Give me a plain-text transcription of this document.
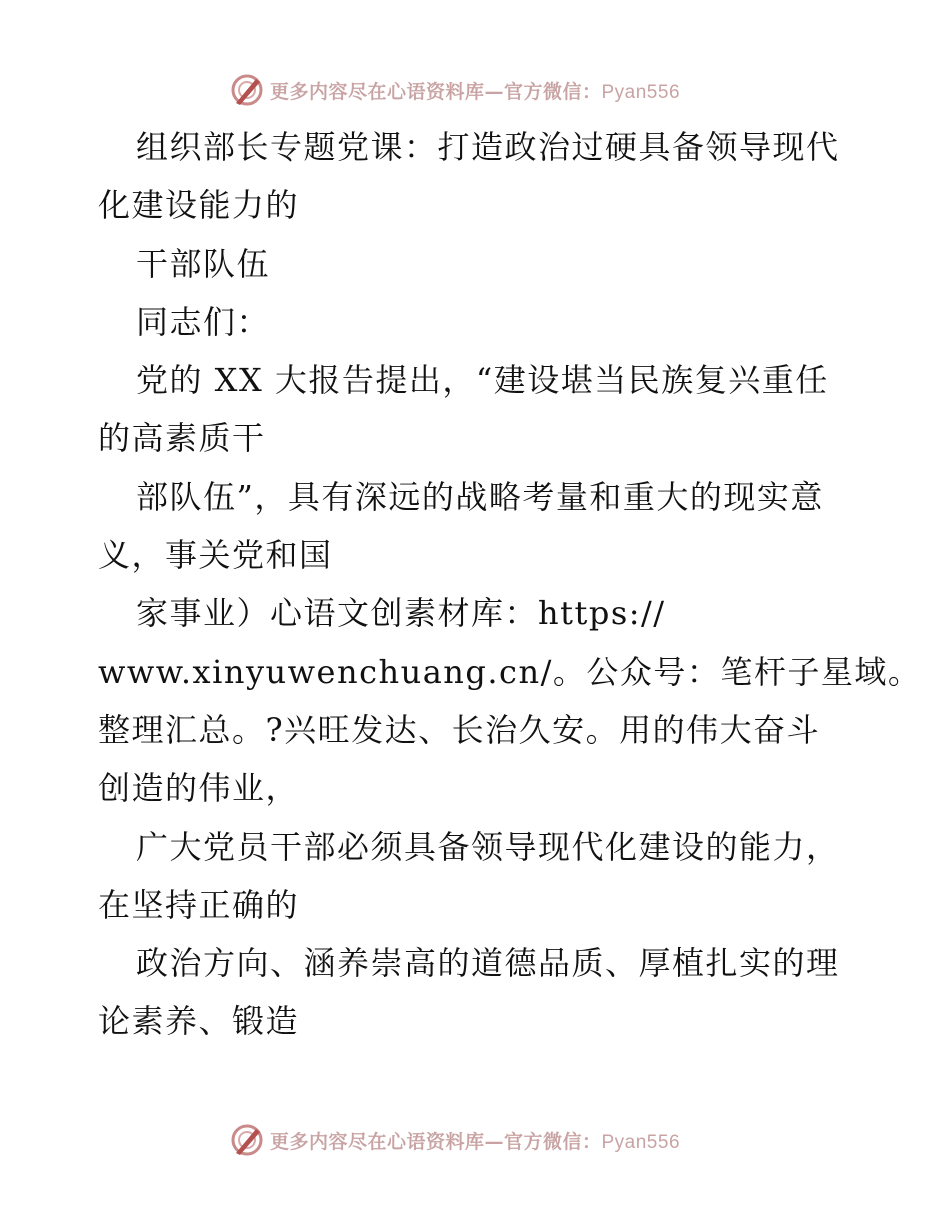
更多内容尽在心语资料库—官方微信：Pyan556
组织部长专题党课：打造政治过硬具备领导现代
化建设能力的
干部队伍
同志们：
党的 XX 大报告提出，“建设堪当民族复兴重任
的高素质干
部队伍”，具有深远的战略考量和重大的现实意
义，事关党和国
家事业）心语文创素材库：https://
www.xinyuwenchuang.cn/。公众号：笔杆子星域。
整理汇总。?兴旺发达、长治久安。用的伟大奋斗
创造的伟业，
广大党员干部必须具备领导现代化建设的能力，
在坚持正确的
政治方向、涵养崇高的道德品质、厚植扎实的理
论素养、锻造
更多内容尽在心语资料库—官方微信：Pyan556
